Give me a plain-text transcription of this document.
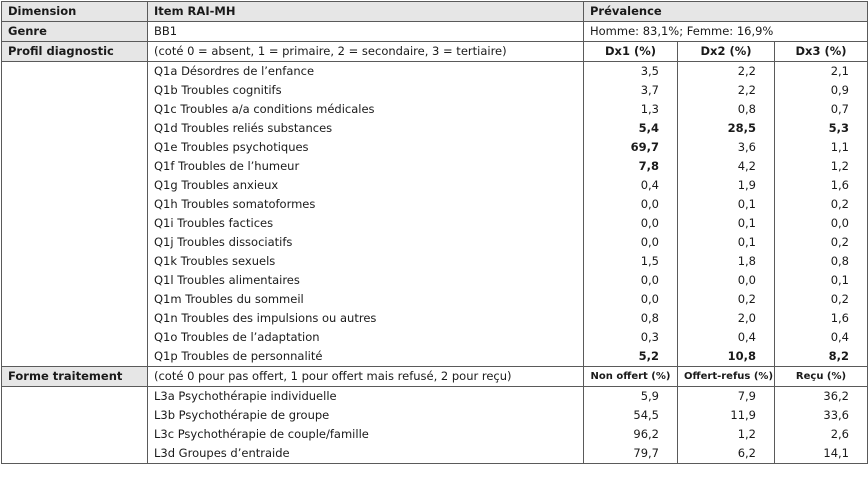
Dimension	Item RAI-MH	Prévalence		
Genre	BB1	Homme: 83,1%; Femme: 16,9%		
Profil diagnostic	(coté 0 = absent, 1 = primaire, 2 = secondaire, 3 = tertiaire)	Dx1 (%)	Dx2 (%)	Dx3 (%)
	Q1a Désordres de l’enfance	3,5	2,2	2,1
	Q1b Troubles cognitifs	3,7	2,2	0,9
	Q1c Troubles a/a conditions médicales	1,3	0,8	0,7
	Q1d Troubles reliés substances	5,4	28,5	5,3
	Q1e Troubles psychotiques	69,7	3,6	1,1
	Q1f Troubles de l’humeur	7,8	4,2	1,2
	Q1g Troubles anxieux	0,4	1,9	1,6
	Q1h Troubles somatoformes	0,0	0,1	0,2
	Q1i Troubles factices	0,0	0,1	0,0
	Q1j Troubles dissociatifs	0,0	0,1	0,2
	Q1k Troubles sexuels	1,5	1,8	0,8
	Q1l Troubles alimentaires	0,0	0,0	0,1
	Q1m Troubles du sommeil	0,0	0,2	0,2
	Q1n Troubles des impulsions ou autres	0,8	2,0	1,6
	Q1o Troubles de l’adaptation	0,3	0,4	0,4
	Q1p Troubles de personnalité	5,2	10,8	8,2
Forme traitement	(coté 0 pour pas offert, 1 pour offert mais refusé, 2 pour reçu)	Non offert (%)	Offert-refus (%)	Reçu (%)
	L3a Psychothérapie individuelle	5,9	7,9	36,2
	L3b Psychothérapie de groupe	54,5	11,9	33,6
	L3c Psychothérapie de couple/famille	96,2	1,2	2,6
	L3d Groupes d’entraide	79,7	6,2	14,1
